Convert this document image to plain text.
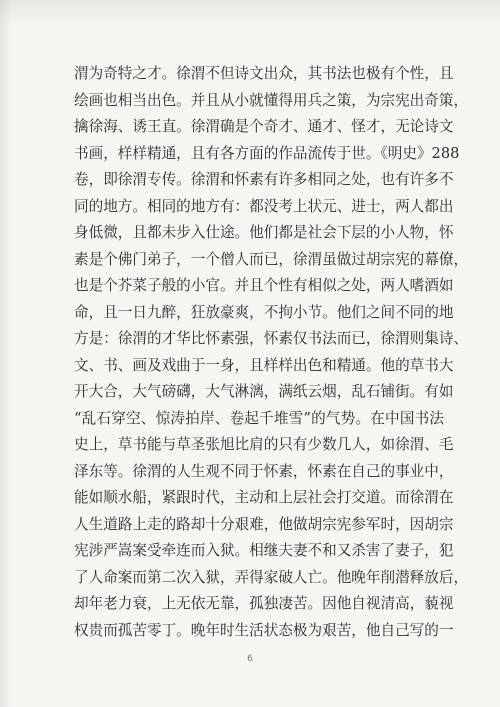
渭为奇特之才。徐渭不但诗文出众，其书法也极有个性，且
绘画也相当出色。并且从小就懂得用兵之策，为宗宪出奇策，
擒徐海、诱王直。徐渭确是个奇才、通才、怪才，无论诗文
书画，样样精通，且有各方面的作品流传于世。《明史》288
卷，即徐渭专传。徐渭和怀素有许多相同之处，也有许多不
同的地方。相同的地方有：都没考上状元、进士，两人都出
身低微，且都未步入仕途。他们都是社会下层的小人物，怀
素是个佛门弟子，一个僧人而已，徐渭虽做过胡宗宪的幕僚，
也是个芥菜子般的小官。并且个性有相似之处，两人嗜酒如
命，且一日九醉，狂放豪爽，不拘小节。他们之间不同的地
方是：徐渭的才华比怀素强，怀素仅书法而已，徐渭则集诗、
文、书、画及戏曲于一身，且样样出色和精通。他的草书大
开大合，大气磅礴，大气淋漓，满纸云烟，乱石铺街。有如
“乱石穿空、惊涛拍岸、卷起千堆雪”的气势。在中国书法
史上，草书能与草圣张旭比肩的只有少数几人，如徐渭、毛
泽东等。徐渭的人生观不同于怀素，怀素在自己的事业中，
能如顺水船，紧跟时代，主动和上层社会打交道。而徐渭在
人生道路上走的路却十分艰难，他做胡宗宪参军时，因胡宗
宪涉严嵩案受牵连而入狱。相继夫妻不和又杀害了妻子，犯
了人命案而第二次入狱，弄得家破人亡。他晚年削潜释放后，
却年老力衰，上无依无靠，孤独凄苦。因他自视清高，藐视
权贵而孤苦零丁。晚年时生活状态极为艰苦，他自己写的一
6
